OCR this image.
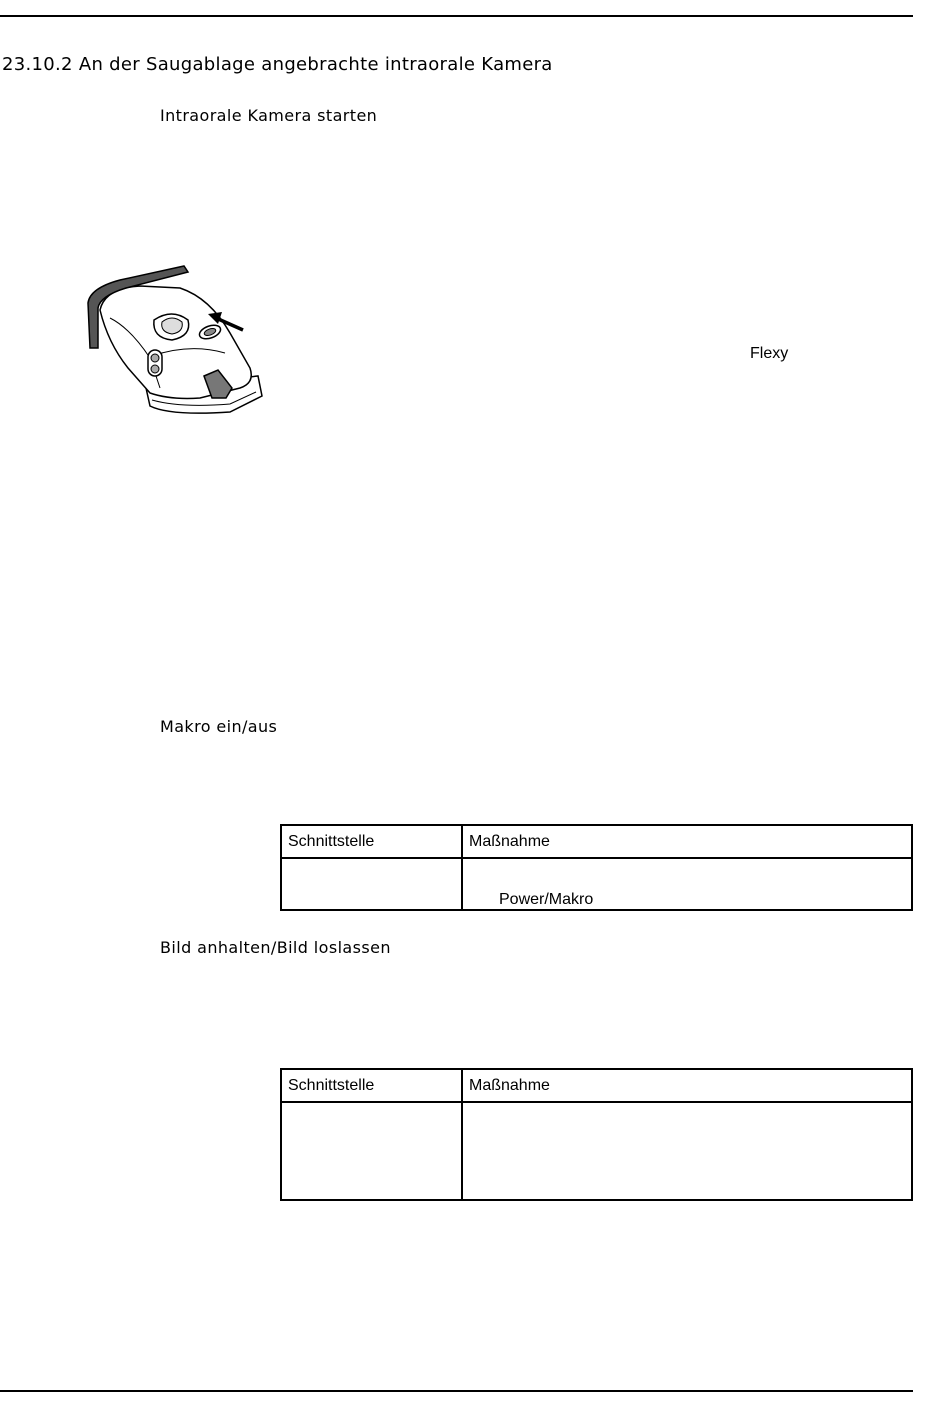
23.10.2 An der Saugablage angebrachte intraorale Kamera
Intraorale Kamera starten
Flexy
Makro ein/aus
Schnittstelle	Maßnahme
	Power/Makro
Bild anhalten/Bild loslassen
Schnittstelle	Maßnahme
